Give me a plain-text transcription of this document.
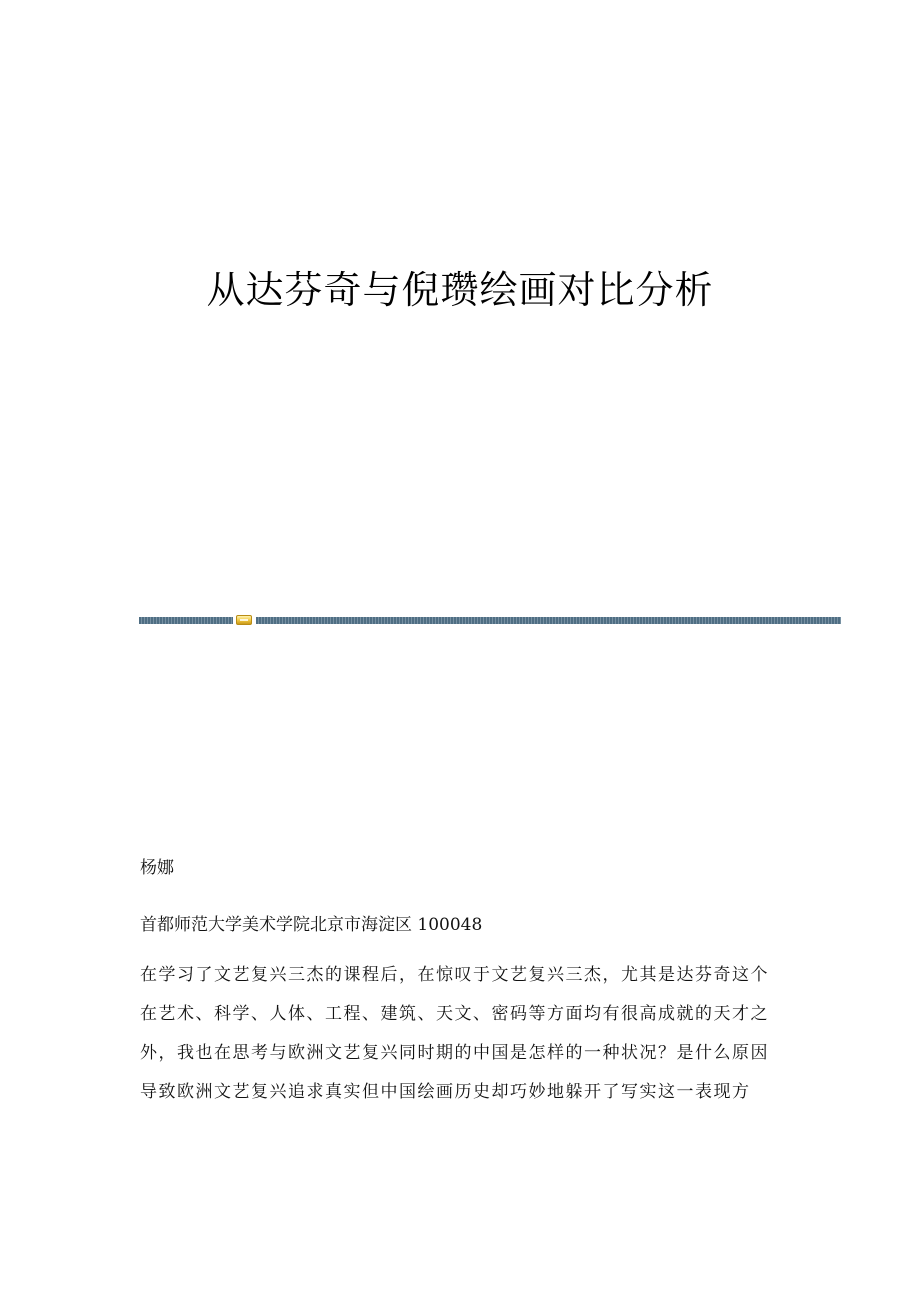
从达芬奇与倪瓒绘画对比分析
杨娜
首都师范大学美术学院北京市海淀区 100048
在学习了文艺复兴三杰的课程后，在惊叹于文艺复兴三杰，尤其是达芬奇这个
在艺术、科学、人体、工程、建筑、天文、密码等方面均有很高成就的天才之
外，我也在思考与欧洲文艺复兴同时期的中国是怎样的一种状况？是什么原因
导致欧洲文艺复兴追求真实但中国绘画历史却巧妙地躲开了写实这一表现方
